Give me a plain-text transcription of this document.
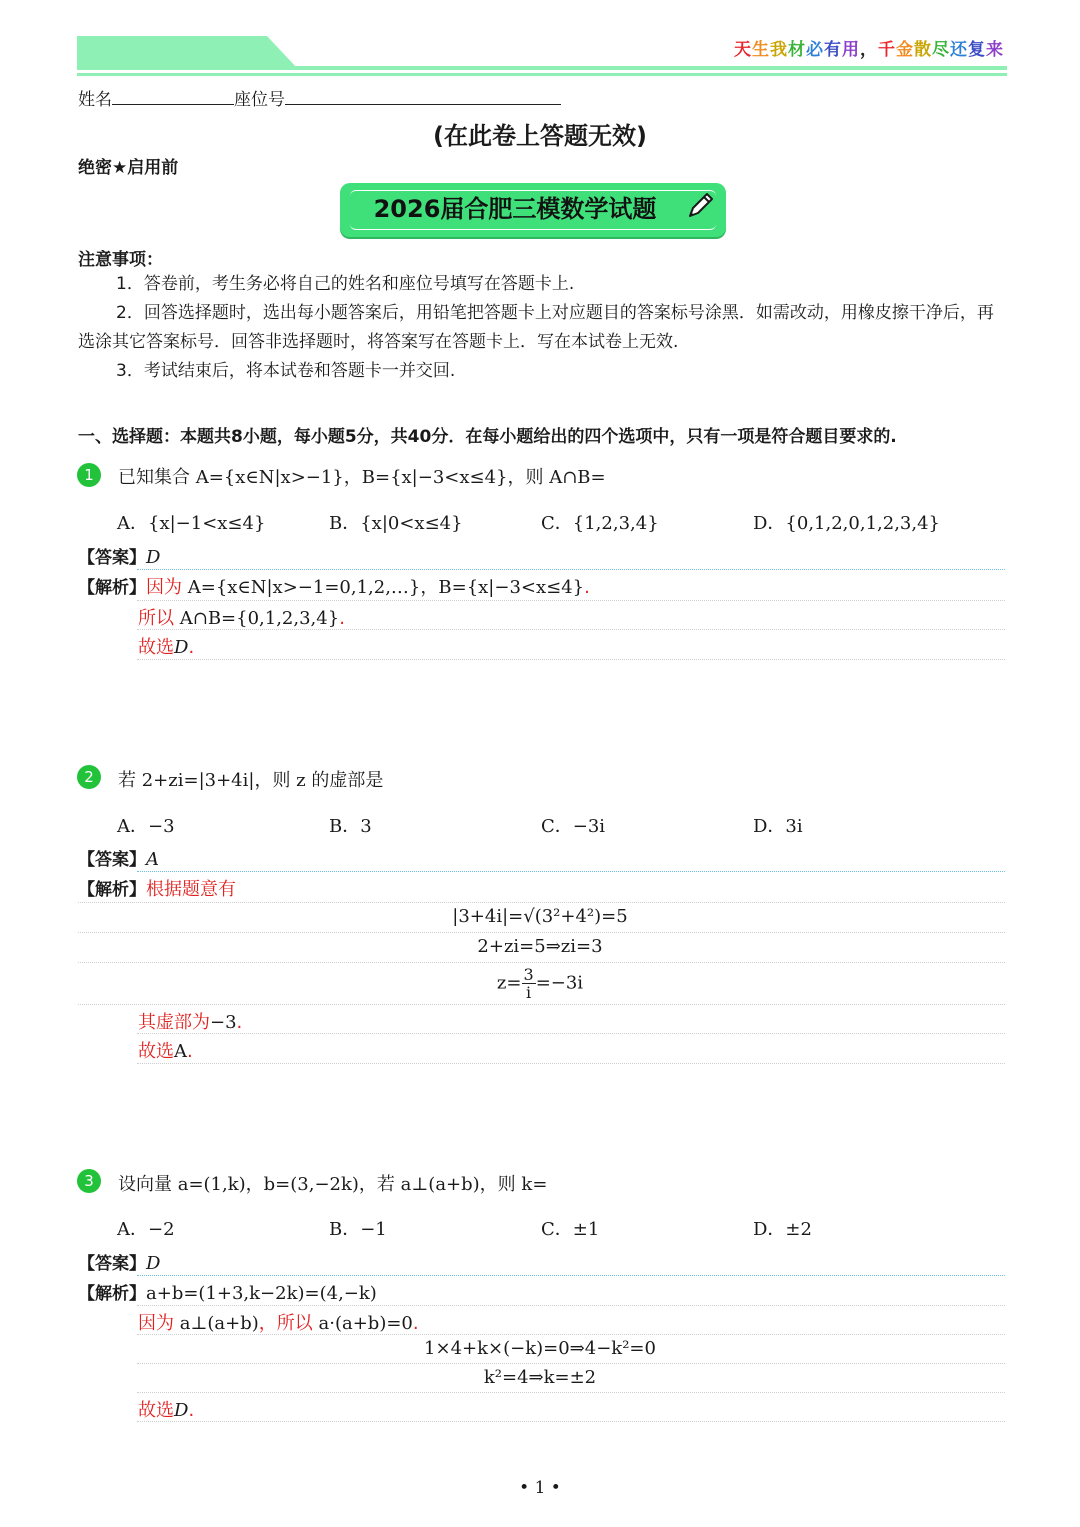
天生我材必有用，千金散尽还复来
姓名	座位号
(在此卷上答题无效)
绝密★启用前
2026届合肥三模数学试题
注意事项：
1．答卷前，考生务必将自己的姓名和座位号填写在答题卡上.
2．回答选择题时，选出每小题答案后，用铅笔把答题卡上对应题目的答案标号涂黑．如需改动，用橡皮擦干净后，再选涂其它答案标号．回答非选择题时，将答案写在答题卡上．写在本试卷上无效.
3．考试结束后，将本试卷和答题卡一并交回.
一、选择题：本题共8小题，每小题5分，共40分．在每小题给出的四个选项中，只有一项是符合题目要求的.
1	已知集合 A={x∈N|x>−1}，B={x|−3<x≤4}，则 A∩B=
A．{x|−1<x≤4}	B．{x|0<x≤4}	C．{1,2,3,4}	D．{0,1,2,0,1,2,3,4}
【答案】D
【解析】因为 A={x∈N|x>−1=0,1,2,…}，B={x|−3<x≤4}.
所以 A∩B={0,1,2,3,4}.
故选D.
2	若 2+zi=|3+4i|，则 z 的虚部是
A．−3	B．3	C．−3i	D．3i
【答案】A
【解析】根据题意有
|3+4i|=√(3²+4²)=5
2+zi=5⇒zi=3
$z= \frac{3}{i} =-3i$
其虚部为−3.
故选A.
3	设向量 a=(1,k)，b=(3,−2k)，若 a⊥(a+b)，则 k=
A．−2	B．−1	C．±1	D．±2
【答案】D
【解析】a+b=(1+3,k−2k)=(4,−k)
因为 a⊥(a+b)，所以 a·(a+b)=0.
1×4+k×(−k)=0⇒4−k²=0
k²=4⇒k=±2
故选D.
• 1 •
